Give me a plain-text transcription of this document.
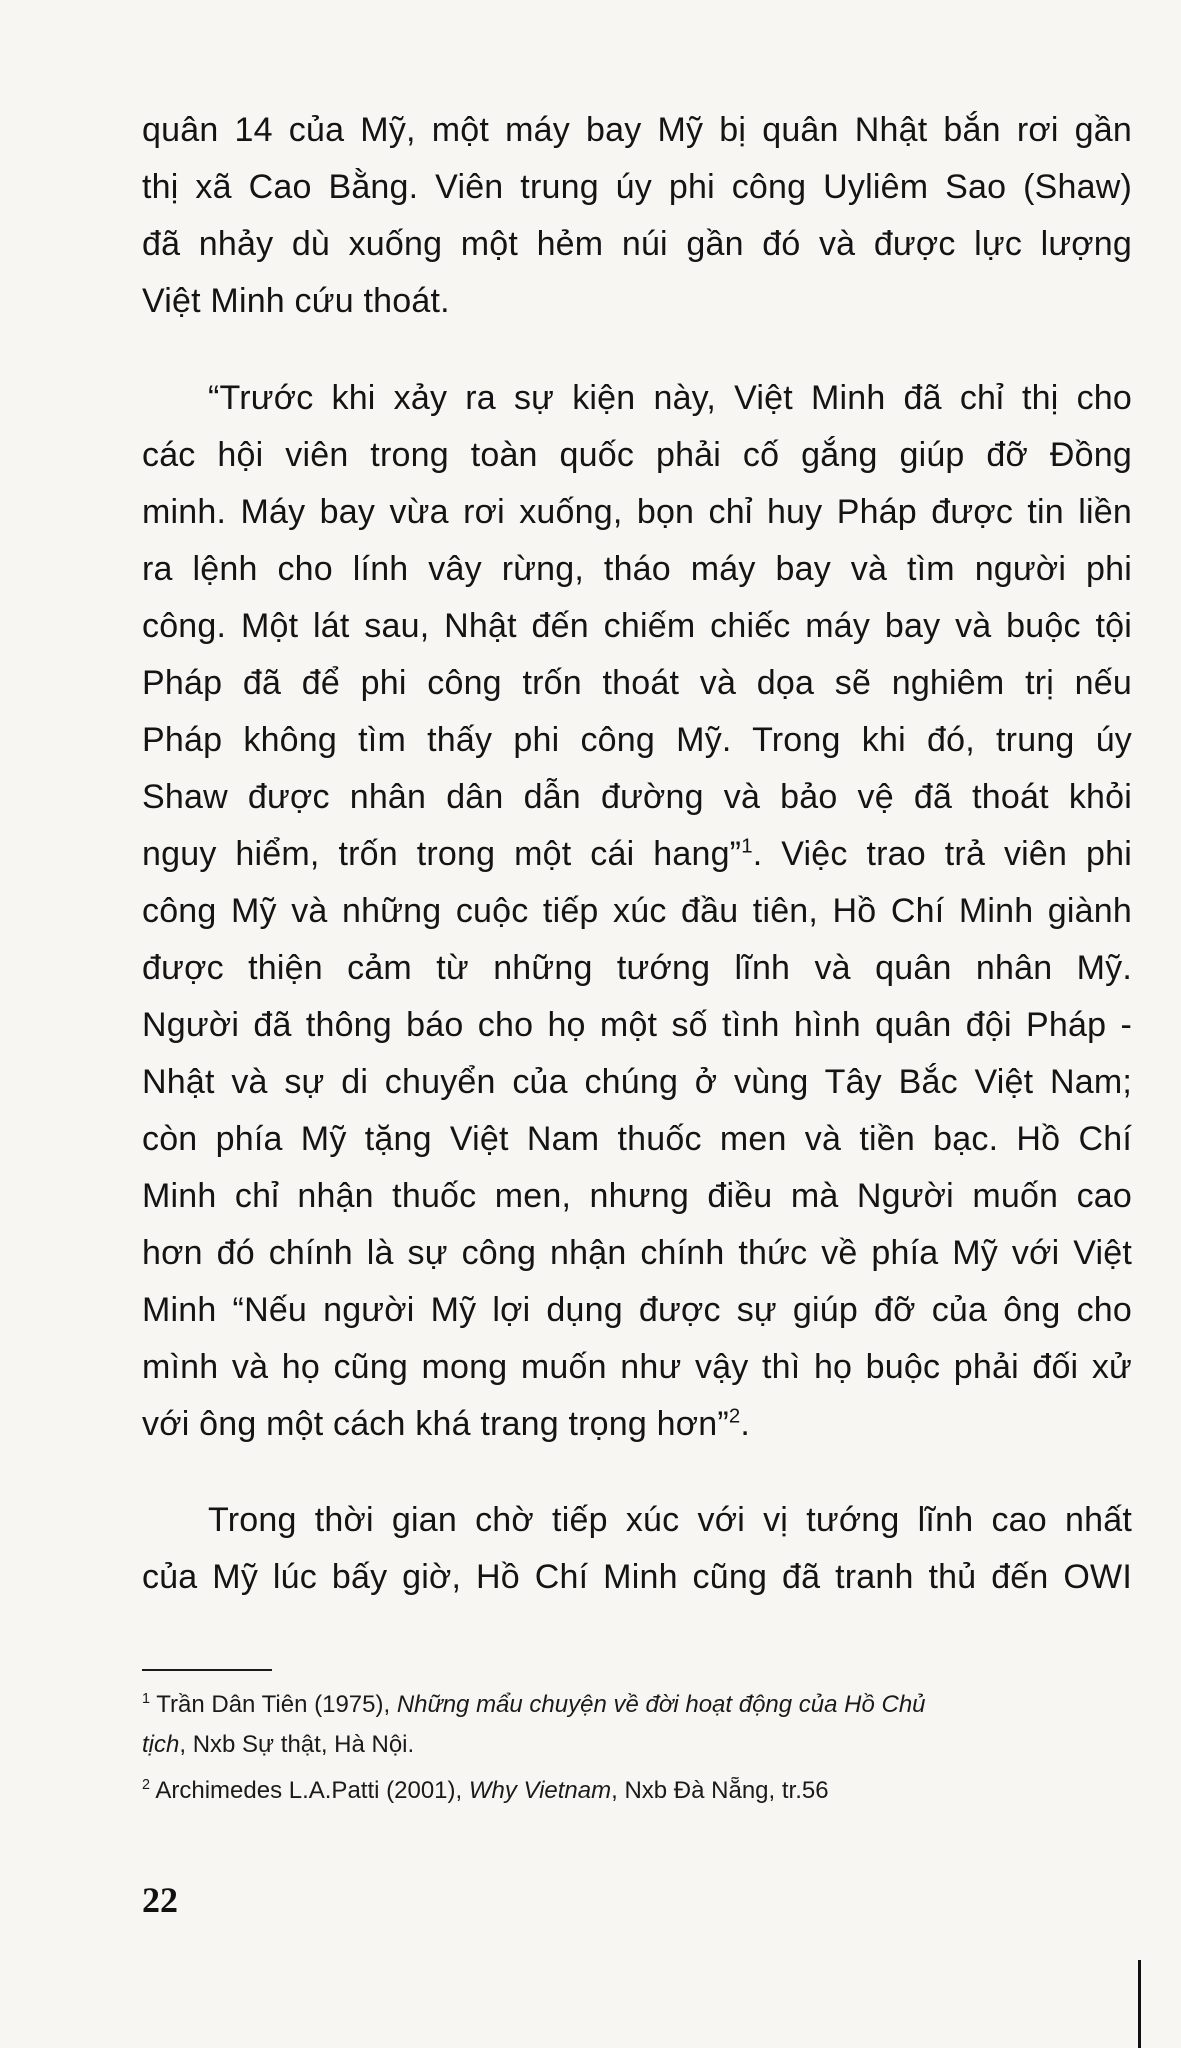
quân 14 của Mỹ, một máy bay Mỹ bị quân Nhật bắn rơi gần
thị xã Cao Bằng. Viên trung úy phi công Uyliêm Sao (Shaw)
đã nhảy dù xuống một hẻm núi gần đó và được lực lượng
Việt Minh cứu thoát.
“Trước khi xảy ra sự kiện này, Việt Minh đã chỉ thị cho
các hội viên trong toàn quốc phải cố gắng giúp đỡ Đồng
minh. Máy bay vừa rơi xuống, bọn chỉ huy Pháp được tin liền
ra lệnh cho lính vây rừng, tháo máy bay và tìm người phi
công. Một lát sau, Nhật đến chiếm chiếc máy bay và buộc tội
Pháp đã để phi công trốn thoát và dọa sẽ nghiêm trị nếu
Pháp không tìm thấy phi công Mỹ. Trong khi đó, trung úy
Shaw được nhân dân dẫn đường và bảo vệ đã thoát khỏi
nguy hiểm, trốn trong một cái hang”$^1$. Việc trao trả viên phi
công Mỹ và những cuộc tiếp xúc đầu tiên, Hồ Chí Minh giành
được thiện cảm từ những tướng lĩnh và quân nhân Mỹ.
Người đã thông báo cho họ một số tình hình quân đội Pháp -
Nhật và sự di chuyển của chúng ở vùng Tây Bắc Việt Nam;
còn phía Mỹ tặng Việt Nam thuốc men và tiền bạc. Hồ Chí
Minh chỉ nhận thuốc men, nhưng điều mà Người muốn cao
hơn đó chính là sự công nhận chính thức về phía Mỹ với Việt
Minh “Nếu người Mỹ lợi dụng được sự giúp đỡ của ông cho
mình và họ cũng mong muốn như vậy thì họ buộc phải đối xử
với ông một cách khá trang trọng hơn”$^2$.
Trong thời gian chờ tiếp xúc với vị tướng lĩnh cao nhất
của Mỹ lúc bấy giờ, Hồ Chí Minh cũng đã tranh thủ đến OWI
$^1$ Trần Dân Tiên (1975), Những mẩu chuyện về đời hoạt động của Hồ Chủ
tịch, Nxb Sự thật, Hà Nội.
$^2$ Archimedes L.A.Patti (2001), Why Vietnam, Nxb Đà Nẵng, tr.56
22
